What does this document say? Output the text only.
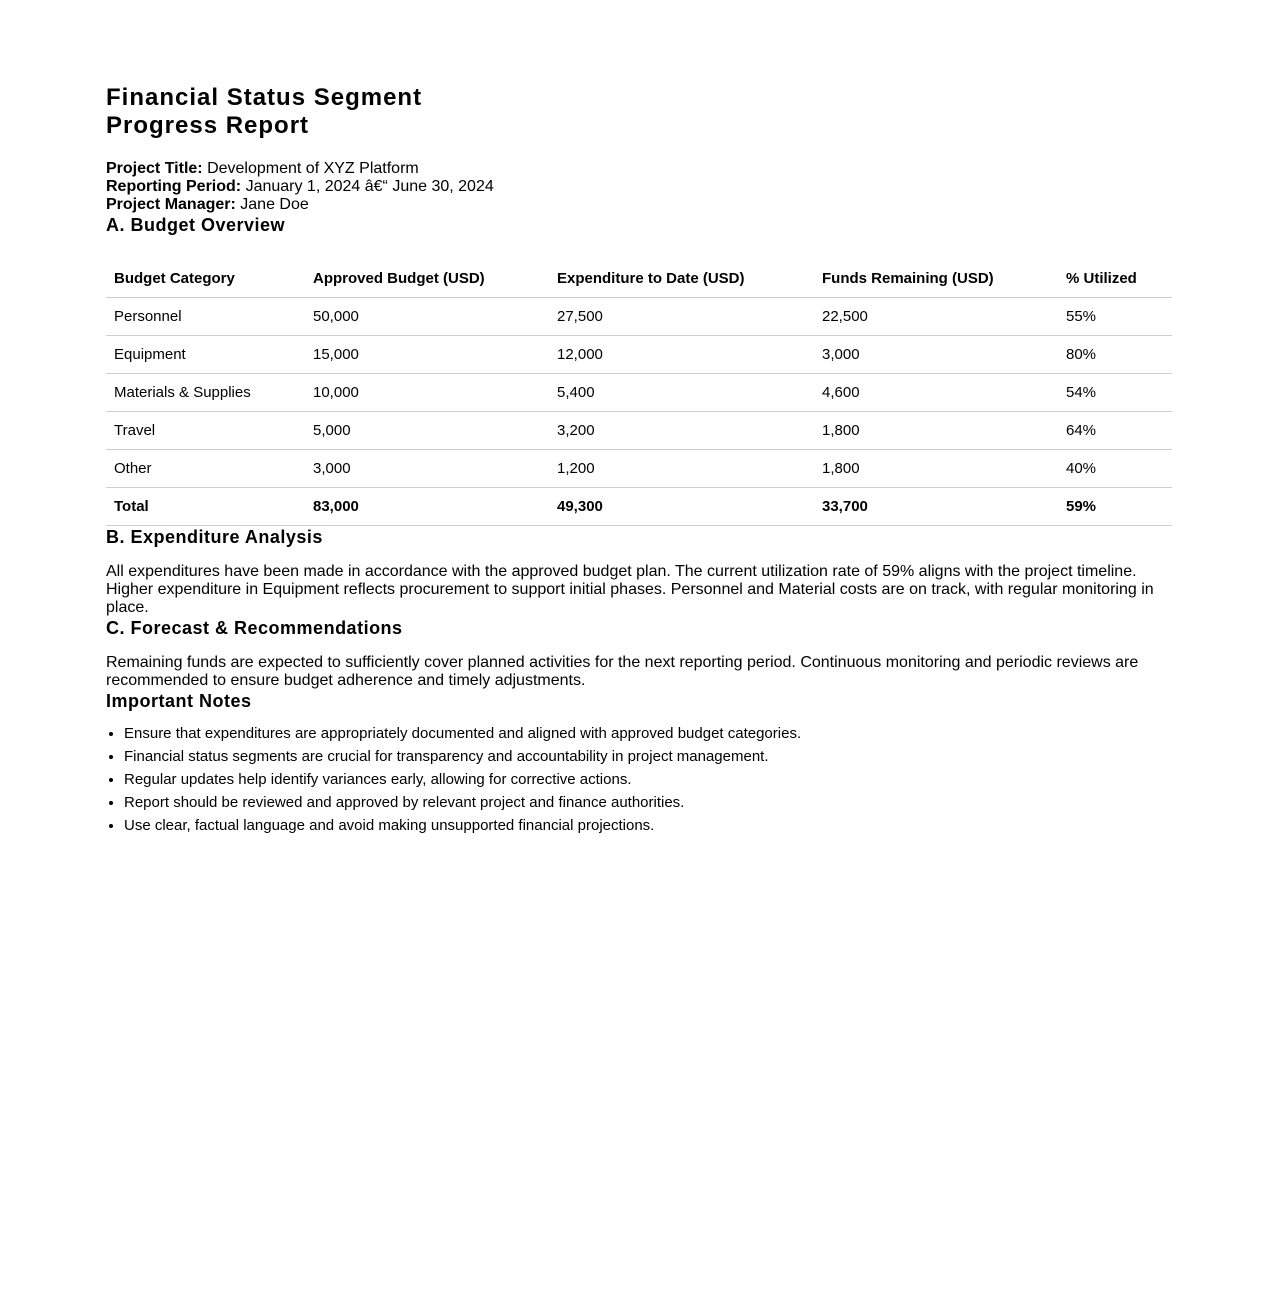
Financial Status Segment
Progress Report
Project Title: Development of XYZ Platform
Reporting Period: January 1, 2024 â€“ June 30, 2024
Project Manager: Jane Doe
A. Budget Overview
Budget Category	Approved Budget (USD)	Expenditure to Date (USD)	Funds Remaining (USD)	% Utilized
Personnel	50,000	27,500	22,500	55%
Equipment	15,000	12,000	3,000	80%
Materials & Supplies	10,000	5,400	4,600	54%
Travel	5,000	3,200	1,800	64%
Other	3,000	1,200	1,800	40%
Total	83,000	49,300	33,700	59%
B. Expenditure Analysis

All expenditures have been made in accordance with the approved budget plan. The current utilization rate of 59% aligns with the project timeline. Higher expenditure in Equipment reflects procurement to support initial phases. Personnel and Material costs are on track, with regular monitoring in place.

C. Forecast & Recommendations

Remaining funds are expected to sufficiently cover planned activities for the next reporting period. Continuous monitoring and periodic reviews are recommended to ensure budget adherence and timely adjustments.

Important Notes
• Ensure that expenditures are appropriately documented and aligned with approved budget categories.
• Financial status segments are crucial for transparency and accountability in project management.
• Regular updates help identify variances early, allowing for corrective actions.
• Report should be reviewed and approved by relevant project and finance authorities.
• Use clear, factual language and avoid making unsupported financial projections.
